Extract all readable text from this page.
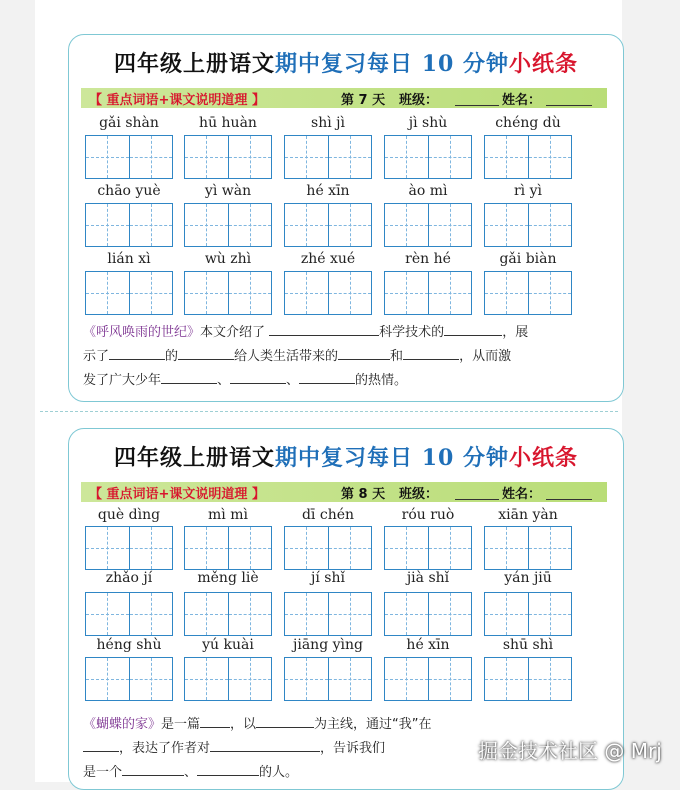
四年级上册语文期中复习每日 10 分钟小纸条
【 重点词语+课文说明道理 】	第 7 天 班级：	姓名：
gǎi shàn	hū huàn	shì jì	jì shù	chéng dù
chāo yuè	yì wàn	hé xīn	ào mì	rì yì
lián xì	wù zhì	zhé xué	rèn hé	gǎi biàn
《呼风唤雨的世纪》本文介绍了	科学技术的	，展
示了	的	给人类生活带来的	和	，从而激
发了广大少年	、	、	的热情。
四年级上册语文期中复习每日 10 分钟小纸条
【 重点词语+课文说明道理 】	第 8 天 班级：	姓名：
què dìng	mì mì	dī chén	róu ruò	xiān yàn
zhǎo jí	měng liè	jí shǐ	jià shǐ	yán jiū
héng shù	yú kuài	jiāng yìng	hé xīn	shū shì
《蝴蝶的家》是一篇 ，以	为主线，通过“我”在
，表达了作者对	，告诉我们
是一个	、	的人。
掘金技术社区 @ Mrj
